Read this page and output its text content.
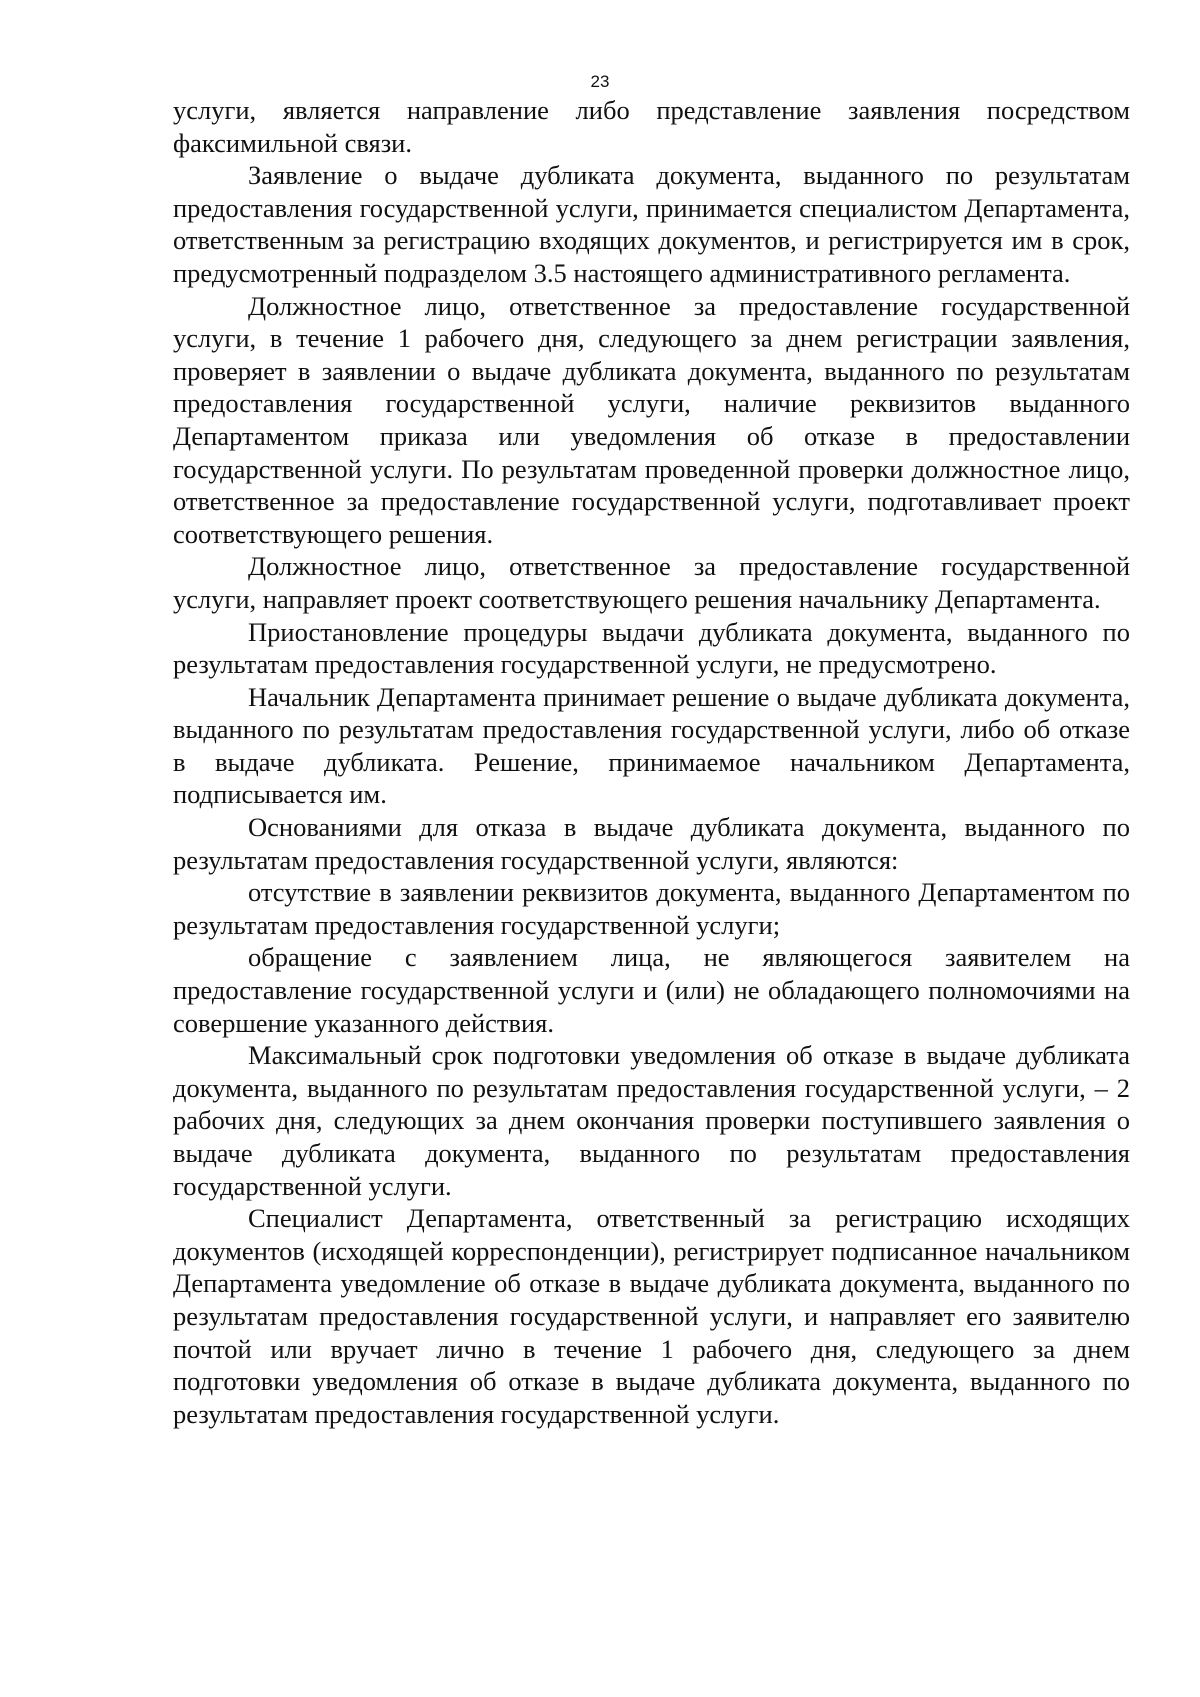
23

услуги, является направление либо представление заявления посредством факсимильной связи.

Заявление о выдаче дубликата документа, выданного по результатам предоставления государственной услуги, принимается специалистом Департамента, ответственным за регистрацию входящих документов, и регистрируется им в срок, предусмотренный подразделом 3.5 настоящего административного регламента.

Должностное лицо, ответственное за предоставление государственной услуги, в течение 1 рабочего дня, следующего за днем регистрации заявления, проверяет в заявлении о выдаче дубликата документа, выданного по результатам предоставления государственной услуги, наличие реквизитов выданного Департаментом приказа или уведомления об отказе в предоставлении государственной услуги. По результатам проведенной проверки должностное лицо, ответственное за предоставление государственной услуги, подготавливает проект соответствующего решения.

Должностное лицо, ответственное за предоставление государственной услуги, направляет проект соответствующего решения начальнику Департамента.

Приостановление процедуры выдачи дубликата документа, выданного по результатам предоставления государственной услуги, не предусмотрено.

Начальник Департамента принимает решение о выдаче дубликата документа, выданного по результатам предоставления государственной услуги, либо об отказе в выдаче дубликата. Решение, принимаемое начальником Департамента, подписывается им.

Основаниями для отказа в выдаче дубликата документа, выданного по результатам предоставления государственной услуги, являются:

отсутствие в заявлении реквизитов документа, выданного Департаментом по результатам предоставления государственной услуги;

обращение с заявлением лица, не являющегося заявителем на предоставление государственной услуги и (или) не обладающего полномочиями на совершение указанного действия.

Максимальный срок подготовки уведомления об отказе в выдаче дубликата документа, выданного по результатам предоставления государственной услуги, – 2 рабочих дня, следующих за днем окончания проверки поступившего заявления о выдаче дубликата документа, выданного по результатам предоставления государственной услуги.

Специалист Департамента, ответственный за регистрацию исходящих документов (исходящей корреспонденции), регистрирует подписанное начальником Департамента уведомление об отказе в выдаче дубликата документа, выданного по результатам предоставления государственной услуги, и направляет его заявителю почтой или вручает лично в течение 1 рабочего дня, следующего за днем подготовки уведомления об отказе в выдаче дубликата документа, выданного по результатам предоставления государственной услуги.
